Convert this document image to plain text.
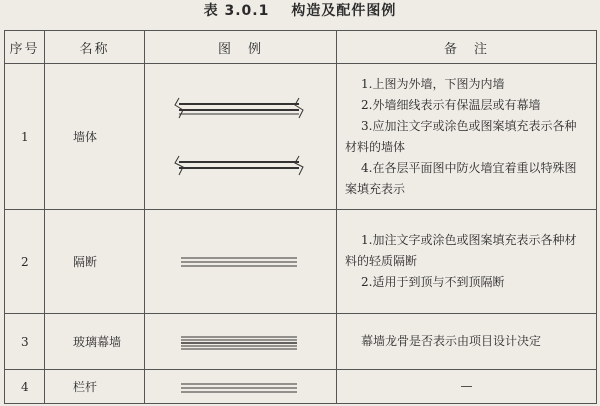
表 3.0.1 构造及配件图例
序号	名称	图　例	备　注
1	墙体		1.上图为外墙，下图为内墙
2.外墙细线表示有保温层或有幕墙
3.应加注文字或涂色或图案填充表示各种材料的墙体
4.在各层平面图中防火墙宜着重以特殊图案填充表示

2	隔断		1.加注文字或涂色或图案填充表示各种材料的轻质隔断
2.适用于到顶与不到顶隔断

3	玻璃幕墙		幕墙龙骨是否表示由项目设计决定

4	栏杆		—
